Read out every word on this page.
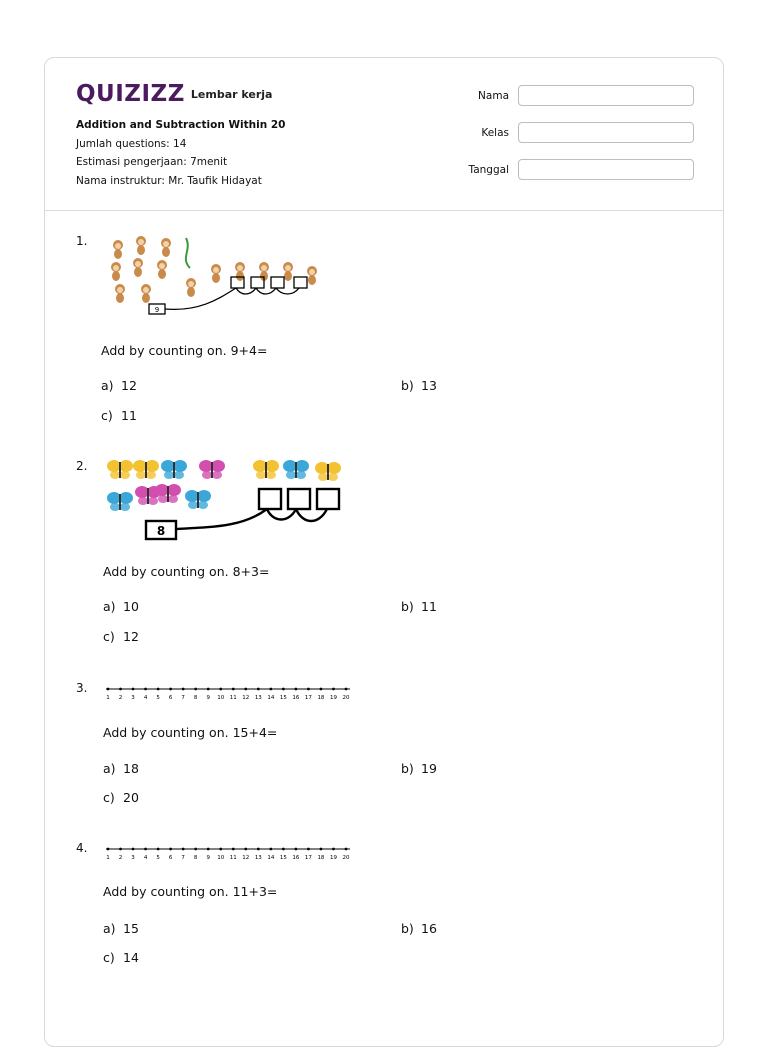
QUIZIZZ Lembar kerja
Addition and Subtraction Within 20
Jumlah questions: 14
Estimasi pengerjaan: 7menit
Nama instruktur: Mr. Taufik Hidayat
Nama
Kelas
Tanggal
1.
9
Add by counting on. 9+4=
a) 12	b) 13
c) 11
2.
8
Add by counting on. 8+3=
a) 10	b) 11
c) 12
3.
1 2 3 4 5 6 7 8 9 10 11 12 13 14 15 16 17 18 19 20
Add by counting on. 15+4=
a) 18	b) 19
c) 20
4.
1 2 3 4 5 6 7 8 9 10 11 12 13 14 15 16 17 18 19 20
Add by counting on. 11+3=
a) 15	b) 16
c) 14
